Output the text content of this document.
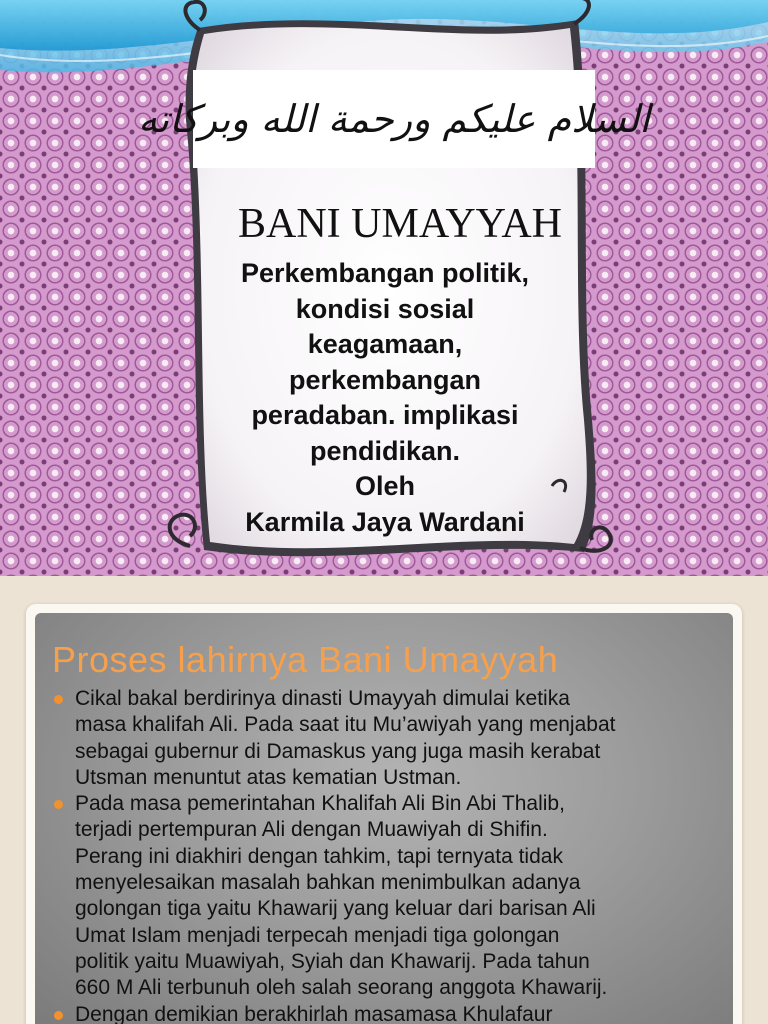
السلام عليكم ورحمة الله وبركاته
BANI UMAYYAH
Perkembangan politik,
kondisi sosial
keagamaan,
perkembangan
peradaban. implikasi
pendidikan.
Oleh
Karmila Jaya Wardani
Proses lahirnya Bani Umayyah
Cikal bakal berdirinya dinasti Umayyah dimulai ketika
masa khalifah Ali. Pada saat itu Mu’awiyah yang menjabat
sebagai gubernur di Damaskus yang juga masih kerabat
Utsman menuntut atas kematian Ustman.
Pada masa pemerintahan Khalifah Ali Bin Abi Thalib,
terjadi pertempuran Ali dengan Muawiyah di Shifin.
Perang ini diakhiri dengan tahkim, tapi ternyata tidak
menyelesaikan masalah bahkan menimbulkan adanya
golongan tiga yaitu Khawarij yang keluar dari barisan Ali
Umat Islam menjadi terpecah menjadi tiga golongan
politik yaitu Muawiyah, Syiah dan Khawarij. Pada tahun
660 M Ali terbunuh oleh salah seorang anggota Khawarij.
Dengan demikian berakhirlah masamasa Khulafaur
